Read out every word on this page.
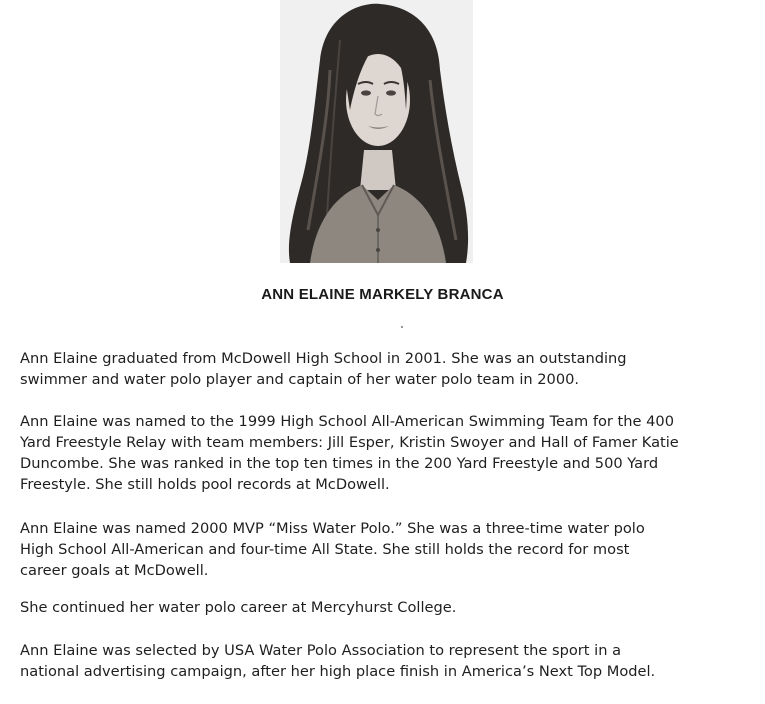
ANN ELAINE MARKELY BRANCA

Ann Elaine graduated from McDowell High School in 2001. She was an outstanding
swimmer and water polo player and captain of her water polo team in 2000.

Ann Elaine was named to the 1999 High School All-American Swimming Team for the 400
Yard Freestyle Relay with team members: Jill Esper, Kristin Swoyer and Hall of Famer Katie
Duncombe. She was ranked in the top ten times in the 200 Yard Freestyle and 500 Yard
Freestyle. She still holds pool records at McDowell.

Ann Elaine was named 2000 MVP “Miss Water Polo.” She was a three-time water polo
High School All-American and four-time All State. She still holds the record for most
career goals at McDowell.

She continued her water polo career at Mercyhurst College.

Ann Elaine was selected by USA Water Polo Association to represent the sport in a
national advertising campaign, after her high place finish in America’s Next Top Model.
